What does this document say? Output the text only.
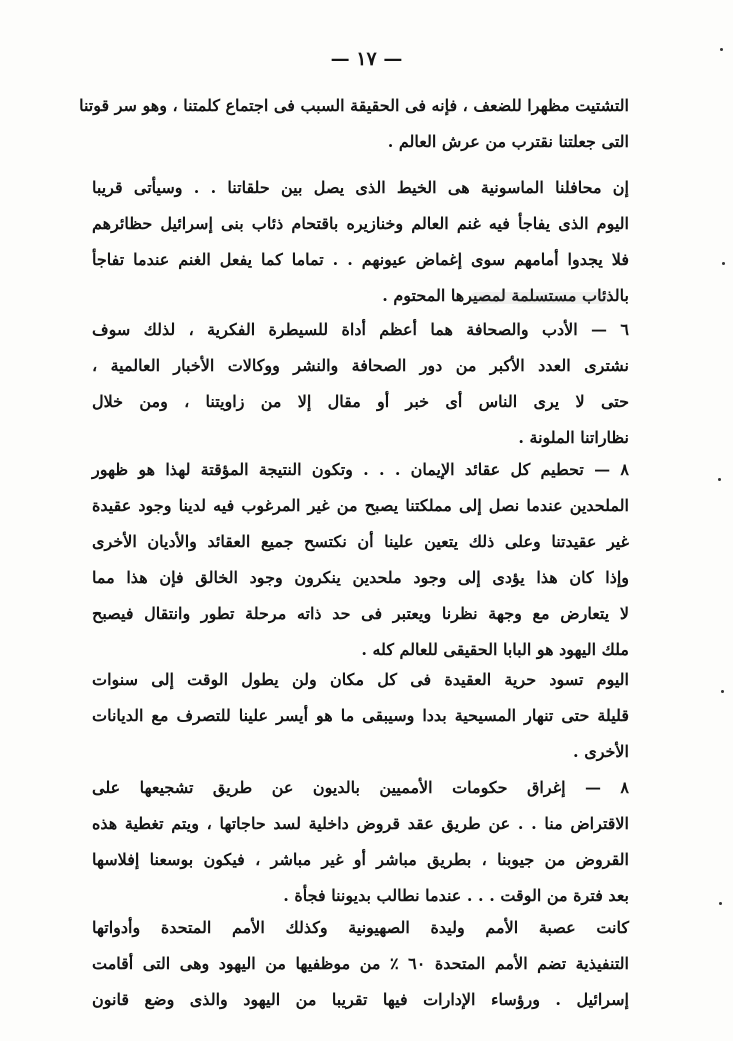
— ١٧ —
التشتيت مظهرا للضعف ، فإنه فى الحقيقة السبب فى اجتماع كلمتنا ، وهو سر قوتنا
التى جعلتنا نقترب من عرش العالم .
إن محافلنا الماسونية هى الخيط الذى يصل بين حلقاتنا . . وسيأتى قريبا
اليوم الذى يفاجأ فيه غنم العالم وخنازيره باقتحام ذئاب بنى إسرائيل حظائرهم
فلا يجدوا أمامهم سوى إغماض عيونهم . . تماما كما يفعل الغنم عندما تفاجأ
بالذئاب مستسلمة لمصيرها المحتوم .
٦ — الأدب والصحافة هما أعظم أداة للسيطرة الفكرية ، لذلك سوف
نشترى العدد الأكبر من دور الصحافة والنشر ووكالات الأخبار العالمية ،
حتى لا يرى الناس أى خبر أو مقال إلا من زاويتنا ، ومن خلال
نظاراتنا الملونة .
٨ — تحطيم كل عقائد الإيمان . . . وتكون النتيجة المؤقتة لهذا هو ظهور
الملحدين عندما نصل إلى مملكتنا يصبح من غير المرغوب فيه لدينا وجود عقيدة
غير عقيدتنا وعلى ذلك يتعين علينا أن نكتسح جميع العقائد والأديان الأخرى
وإذا كان هذا يؤدى إلى وجود ملحدين ينكرون وجود الخالق فإن هذا مما
لا يتعارض مع وجهة نظرنا ويعتبر فى حد ذاته مرحلة تطور وانتقال فيصبح
ملك اليهود هو البابا الحقيقى للعالم كله .
اليوم تسود حرية العقيدة فى كل مكان ولن يطول الوقت إلى سنوات
قليلة حتى تنهار المسيحية بددا وسيبقى ما هو أيسر علينا للتصرف مع الديانات
الأخرى .
٨ — إغراق حكومات الأمميين بالديون عن طريق تشجيعها على
الاقتراض منا . . عن طريق عقد قروض داخلية لسد حاجاتها ، ويتم تغطية هذه
القروض من جيوبنا ، بطريق مباشر أو غير مباشر ، فيكون بوسعنا إفلاسها
بعد فترة من الوقت . . . عندما نطالب بديوننا فجأة .
كانت عصبة الأمم وليدة الصهيونية وكذلك الأمم المتحدة وأدواتها
التنفيذية تضم الأمم المتحدة ٦٠ ٪ من موظفيها من اليهود وهى التى أقامت
إسرائيل . ورؤساء الإدارات فيها تقريبا من اليهود والذى وضع قانون
